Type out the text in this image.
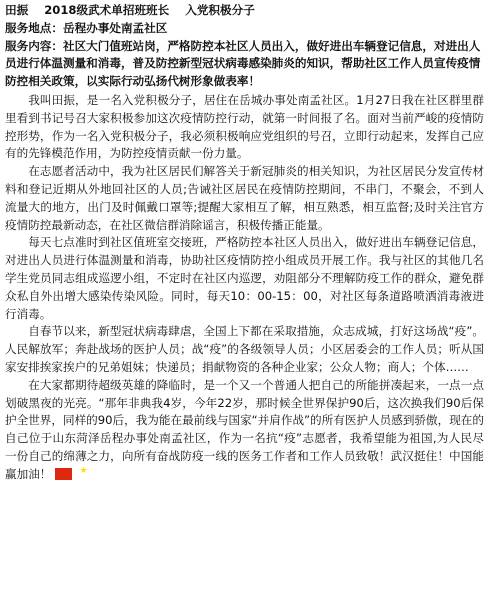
田振 2018级武术单招班班长 入党积极分子

服务地点：岳程办事处南孟社区

服务内容：社区大门值班站岗，严格防控本社区人员出入，做好进出车辆登记信息，对进出人员进行体温测量和消毒，普及防控新型冠状病毒感染肺炎的知识，帮助社区工作人员宣传疫情防控相关政策，以实际行动弘扬代树形象做表率！

我叫田振，是一名入党积极分子，居住在岳城办事处南孟社区。1月27日我在社区群里群里看到书记号召大家积极参加这次疫情防控行动，就第一时间报了名。面对当前严峻的疫情防控形势，作为一名入党积极分子，我必须积极响应党组织的号召，立即行动起来，发挥自己应有的先锋模范作用，为防控疫情贡献一份力量。

在志愿者活动中，我为社区居民们解答关于新冠肺炎的相关知识，为社区居民分发宣传材料和登记近期从外地回社区的人员;告诫社区居民在疫情防控期间，不串门，不聚会，不到人流量大的地方，出门及时佩戴口罩等;提醒大家相互了解，相互熟悉，相互监督;及时关注官方疫情防控最新动态，在社区微信群消除谣言，积极传播正能量。

每天七点准时到社区值班室交接班，严格防控本社区人员出入，做好进出车辆登记信息，对进出人员进行体温测量和消毒，协助社区疫情防控小组成员开展工作。我与社区的其他几名学生党员同志组成巡逻小组，不定时在社区内巡逻，劝阻部分不理解防疫工作的群众，避免群众私自外出增大感染传染风险。同时，每天10：00-15：00，对社区每条道路喷洒消毒液进行消毒。

自春节以来，新型冠状病毒肆虐，全国上下都在采取措施，众志成城，打好这场战“疫”。人民解放军；奔赴战场的医护人员；战“疫”的各级领导人员；小区居委会的工作人员；听从国家安排挨家挨户的兄弟姐妹；快递员；捐献物资的各种企业家；公众人物；商人；个体……

在大家都期待超级英雄的降临时，是一个又一个普通人把自己的所能拼凑起来，一点一点划破黑夜的光亮。“那年非典我4岁，今年22岁，那时候全世界保护90后，这次换我们90后保护全世界，同样的90后，我为能在最前线与国家“并肩作战”的所有医护人员感到骄傲，现在的自己位于山东菏泽岳程办事处南孟社区，作为一名抗“疫”志愿者，我希望能为祖国,为人民尽一份自己的绵薄之力，向所有奋战防疫一线的医务工作者和工作人员致敬！武汉挺住！中国能赢加油！	★
